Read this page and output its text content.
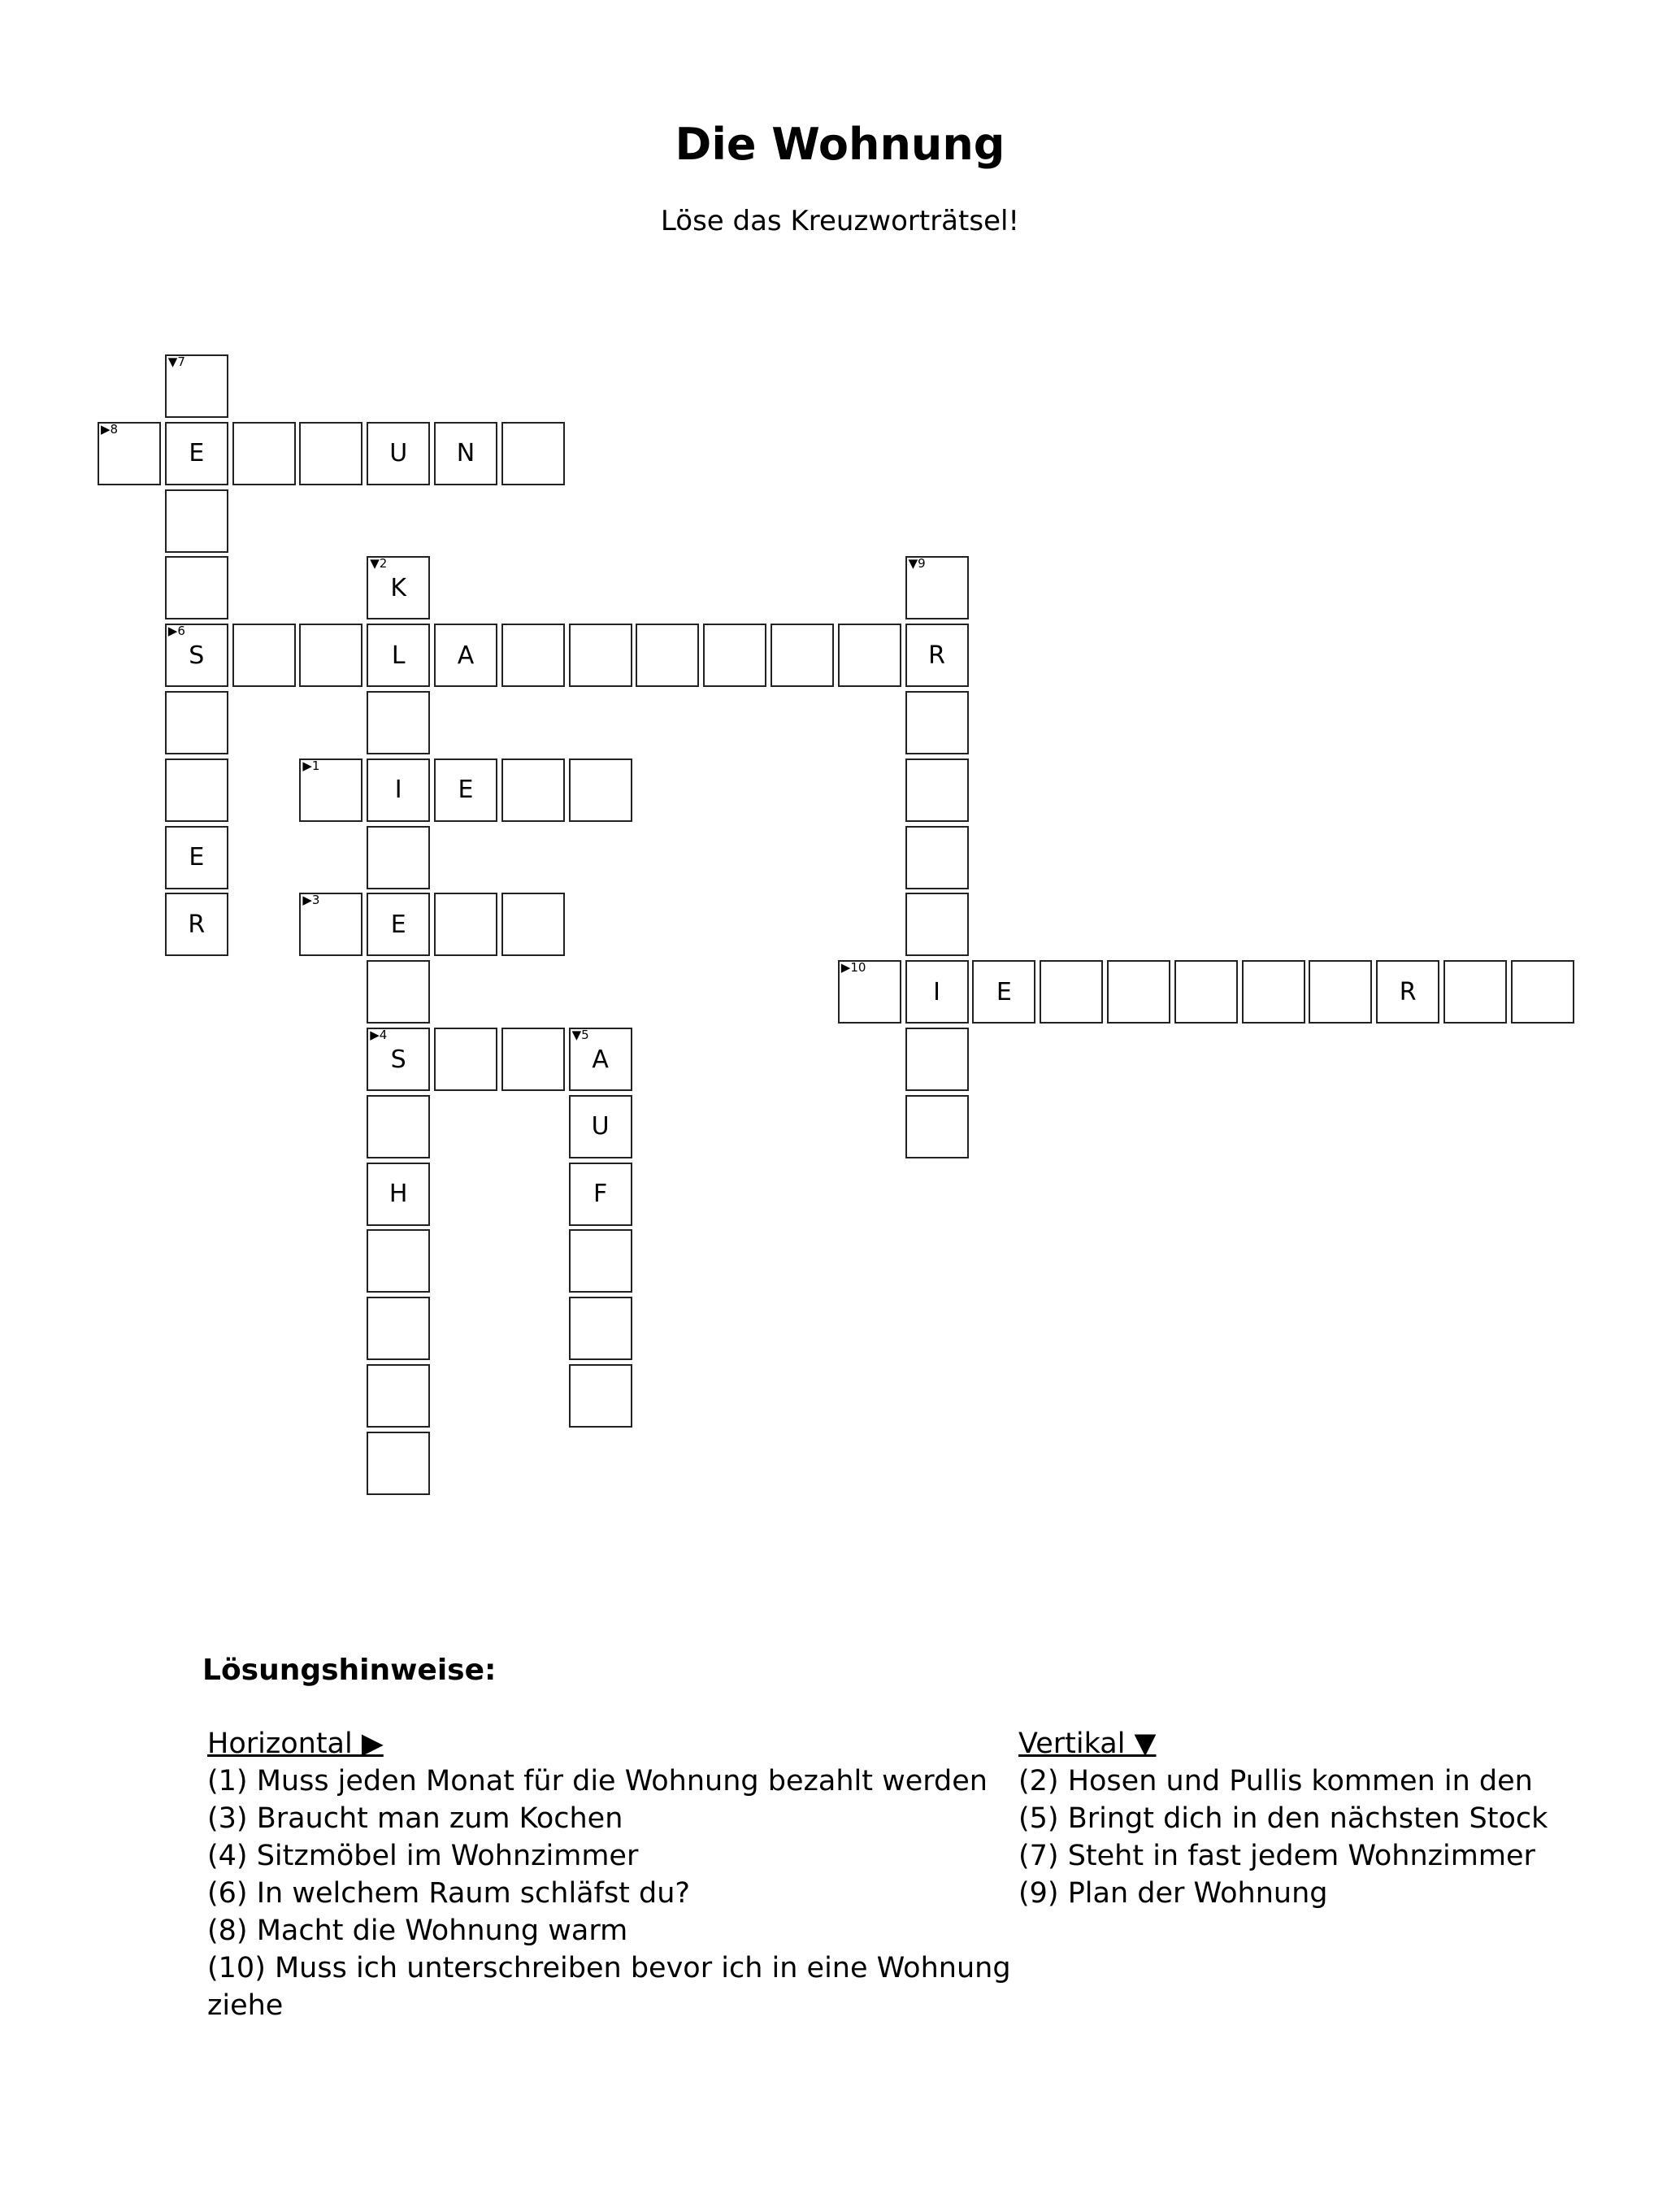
Die Wohnung
Löse das Kreuzworträtsel!
▼7
▶8
E	U	N
▼2
K
▼9
▶6
S	L	A	R
▶1
I	E
E
R
▶3
E
▶10
I	E	R
▶4
S
▼5
A
U
H	F
Lösungshinweise:
Horizontal ▶
(1) Muss jeden Monat für die Wohnung bezahlt werden
(3) Braucht man zum Kochen
(4) Sitzmöbel im Wohnzimmer
(6) In welchem Raum schläfst du?
(8) Macht die Wohnung warm
(10) Muss ich unterschreiben bevor ich in eine Wohnung ziehe
Vertikal ▼
(2) Hosen und Pullis kommen in den
(5) Bringt dich in den nächsten Stock
(7) Steht in fast jedem Wohnzimmer
(9) Plan der Wohnung
